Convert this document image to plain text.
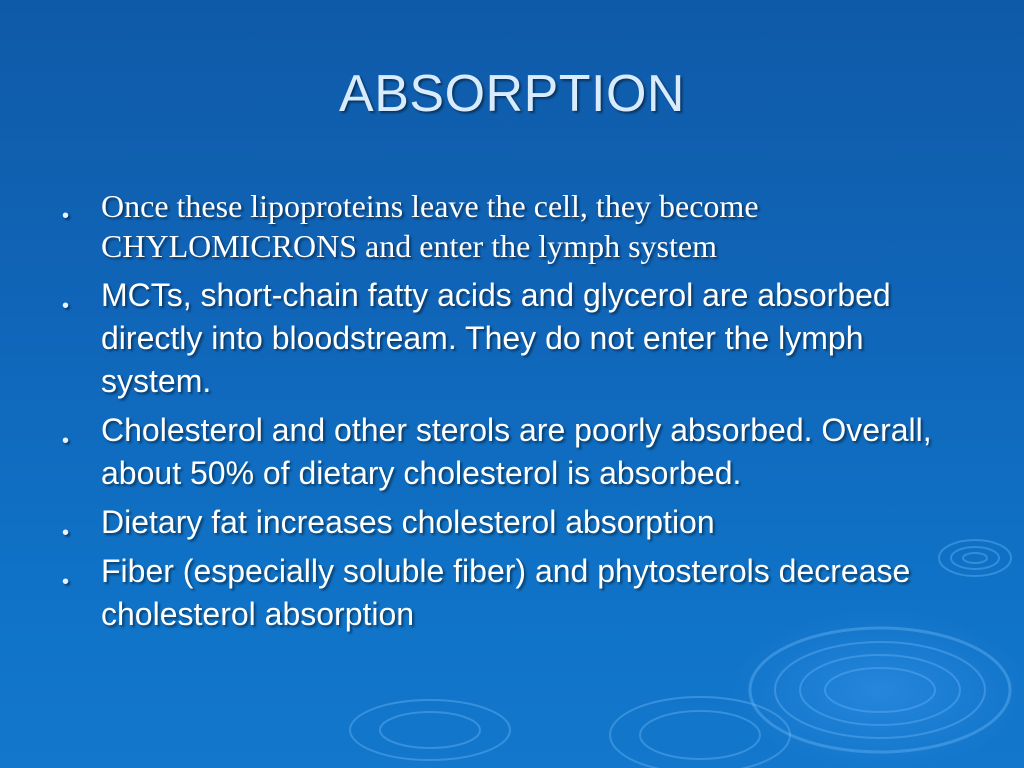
ABSORPTION
• Once these lipoproteins leave the cell, they become CHYLOMICRONS and enter the lymph system
• MCTs, short-chain fatty acids and glycerol are absorbed directly into bloodstream. They do not enter the lymph system.
• Cholesterol and other sterols are poorly absorbed. Overall, about 50% of dietary cholesterol is absorbed.
• Dietary fat increases cholesterol absorption
• Fiber (especially soluble fiber) and phytosterols decrease cholesterol absorption
